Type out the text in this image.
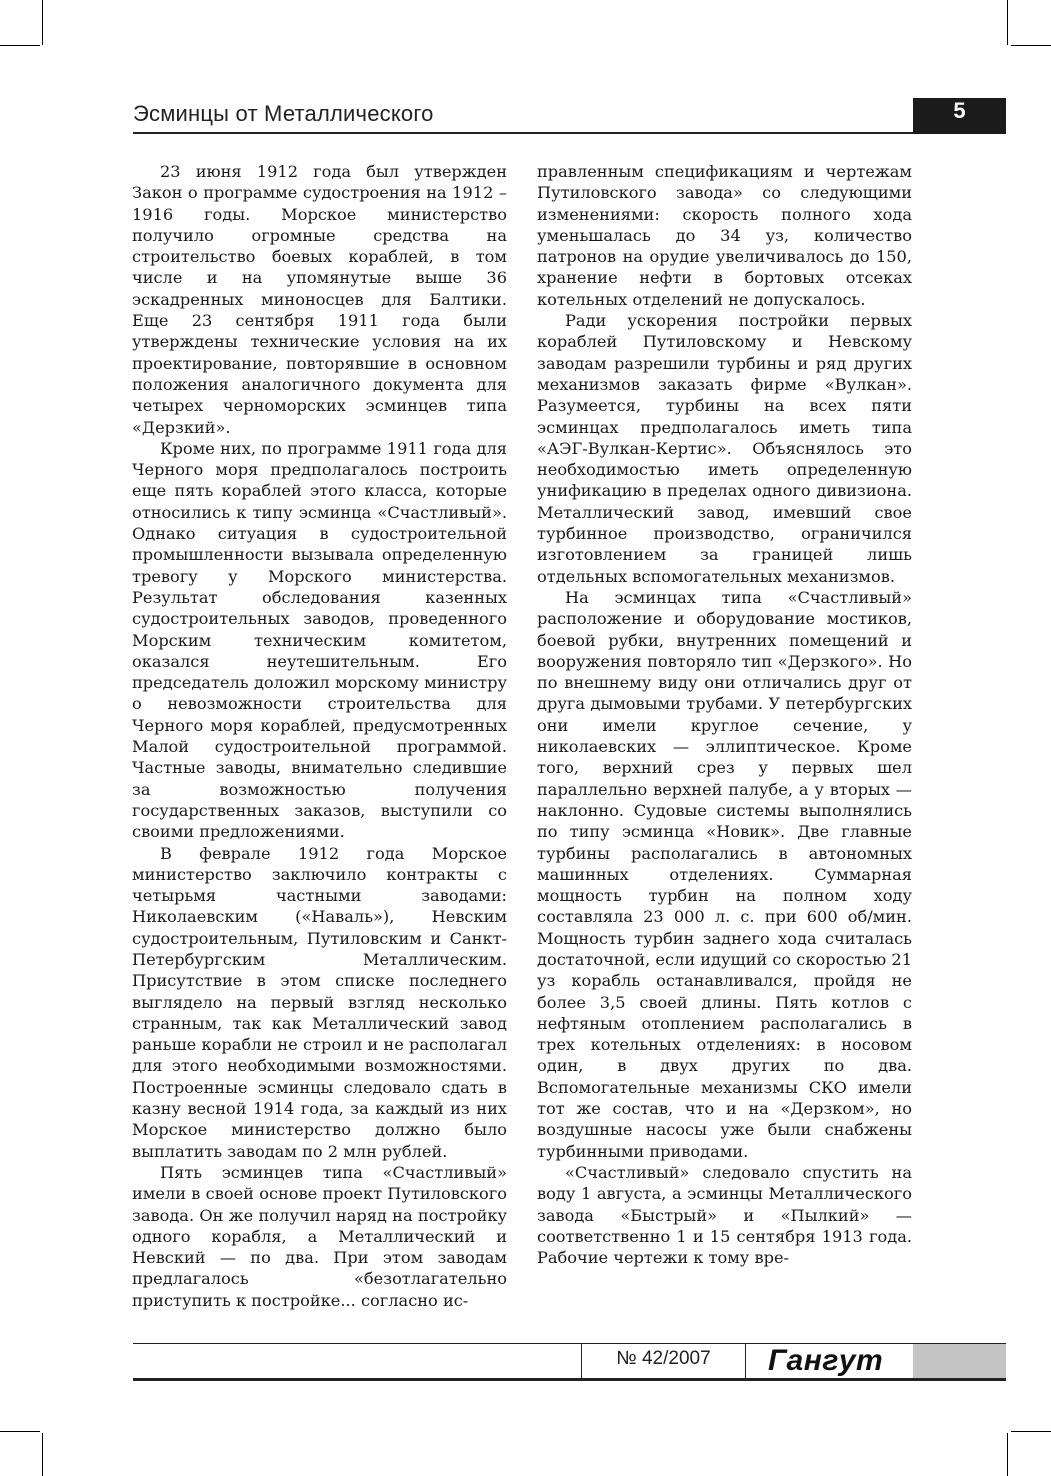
Эсминцы от Металлического	5

23 июня 1912 года был утвержден Закон о программе судостроения на 1912 – 1916 годы. Морское министерство получило огромные средства на строительство боевых кораблей, в том числе и на упомянутые выше 36 эскадренных миноносцев для Балтики. Еще 23 сентября 1911 года были утверждены технические условия на их проектирование, повторявшие в основном положения аналогичного документа для четырех черноморских эсминцев типа «Дерзкий».

Кроме них, по программе 1911 года для Черного моря предполагалось построить еще пять кораблей этого класса, которые относились к типу эсминца «Счастливый». Однако ситуация в судостроительной промышленности вызывала определенную тревогу у Морского министерства. Результат обследования казенных судостроительных заводов, проведенного Морским техническим комитетом, оказался неутешительным. Его председатель доложил морскому министру о невозможности строительства для Черного моря кораблей, предусмотренных Малой судостроительной программой. Частные заводы, внимательно следившие за возможностью получения государственных заказов, выступили со своими предложениями.

В феврале 1912 года Морское министерство заключило контракты с четырьмя частными заводами: Николаевским («Наваль»), Невским судостроительным, Путиловским и Санкт-Петербургским Металлическим. Присутствие в этом списке последнего выглядело на первый взгляд несколько странным, так как Металлический завод раньше корабли не строил и не располагал для этого необходимыми возможностями. Построенные эсминцы следовало сдать в казну весной 1914 года, за каждый из них Морское министерство должно было выплатить заводам по 2 млн рублей.

Пять эсминцев типа «Счастливый» имели в своей основе проект Путиловского завода. Он же получил наряд на постройку одного корабля, а Металлический и Невский — по два. При этом заводам предлагалось «безотлагательно приступить к постройке... согласно ис-

правленным спецификациям и чертежам Путиловского завода» со следующими изменениями: скорость полного хода уменьшалась до 34 уз, количество патронов на орудие увеличивалось до 150, хранение нефти в бортовых отсеках котельных отделений не допускалось.

Ради ускорения постройки первых кораблей Путиловскому и Невскому заводам разрешили турбины и ряд других механизмов заказать фирме «Вулкан». Разумеется, турбины на всех пяти эсминцах предполагалось иметь типа «АЭГ-Вулкан-Кертис». Объяснялось это необходимостью иметь определенную унификацию в пределах одного дивизиона. Металлический завод, имевший свое турбинное производство, ограничился изготовлением за границей лишь отдельных вспомогательных механизмов.

На эсминцах типа «Счастливый» расположение и оборудование мостиков, боевой рубки, внутренних помещений и вооружения повторяло тип «Дерзкого». Но по внешнему виду они отличались друг от друга дымовыми трубами. У петербургских они имели круглое сечение, у николаевских — эллиптическое. Кроме того, верхний срез у первых шел параллельно верхней палубе, а у вторых — наклонно. Судовые системы выполнялись по типу эсминца «Новик». Две главные турбины располагались в автономных машинных отделениях. Суммарная мощность турбин на полном ходу составляла 23 000 л. с. при 600 об/мин. Мощность турбин заднего хода считалась достаточной, если идущий со скоростью 21 уз корабль останавливался, пройдя не более 3,5 своей длины. Пять котлов с нефтяным отоплением располагались в трех котельных отделениях: в носовом один, в двух других по два. Вспомогательные механизмы СКО имели тот же состав, что и на «Дерзком», но воздушные насосы уже были снабжены турбинными приводами.

«Счастливый» следовало спустить на воду 1 августа, а эсминцы Металлического завода «Быстрый» и «Пылкий» — соответственно 1 и 15 сентября 1913 года. Рабочие чертежи к тому вре-

№ 42/2007	Гангут
